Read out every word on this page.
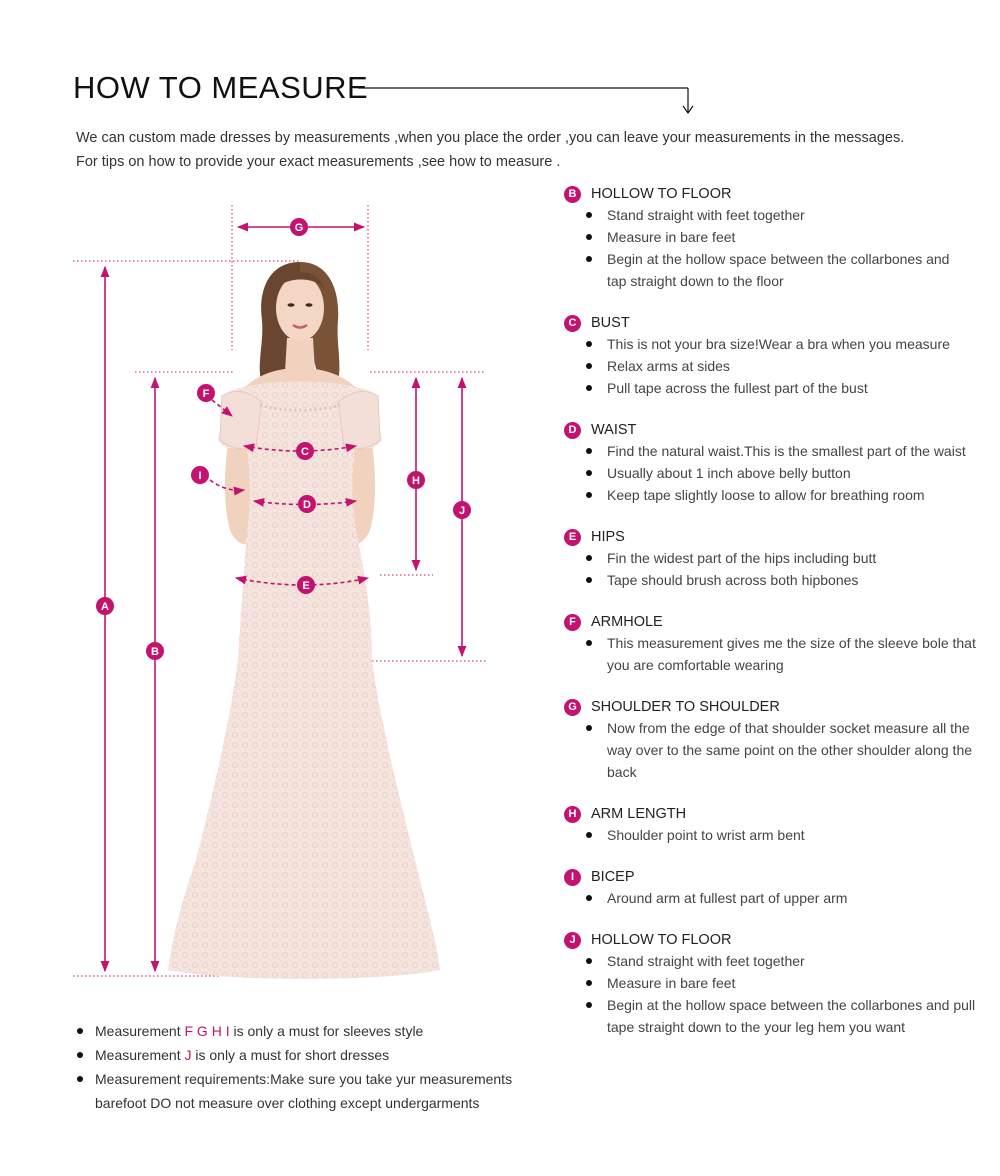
HOW TO MEASURE
We can custom made dresses by measurements ,when you place the order ,you can leave your measurements in the messages.
For tips on how to provide your exact measurements ,see how to measure .
A
B
C
D
E
F
G
H
I
J
B	HOLLOW TO FLOOR
Stand straight with feet together
Measure in bare feet
Begin at the hollow space between the collarbones and
tap straight down to the floor
C	BUST
This is not your bra size!Wear a bra when you measure
Relax arms at sides
Pull tape across the fullest part of the bust
D	WAIST
Find the natural waist.This is the smallest part of the waist
Usually about 1 inch above belly button
Keep tape slightly loose to allow for breathing room
E	HIPS
Fin the widest part of the hips including butt
Tape should brush across both hipbones
F	ARMHOLE
This measurement gives me the size of the sleeve bole that
you are comfortable wearing
G SHOULDER TO SHOULDER
Now from the edge of that shoulder socket measure all the
way over to the same point on the other shoulder along the
back
H	ARM LENGTH
Shoulder point to wrist arm bent
I	BICEP
Around arm at fullest part of upper arm
J	HOLLOW TO FLOOR
Stand straight with feet together
Measure in bare feet
Begin at the hollow space between the collarbones and pull
tape straight down to the your leg hem you want
Measurement F G H I is only a must for sleeves style
Measurement J is only a must for short dresses
Measurement requirements:Make sure you take yur measurements
barefoot DO not measure over clothing except undergarments
